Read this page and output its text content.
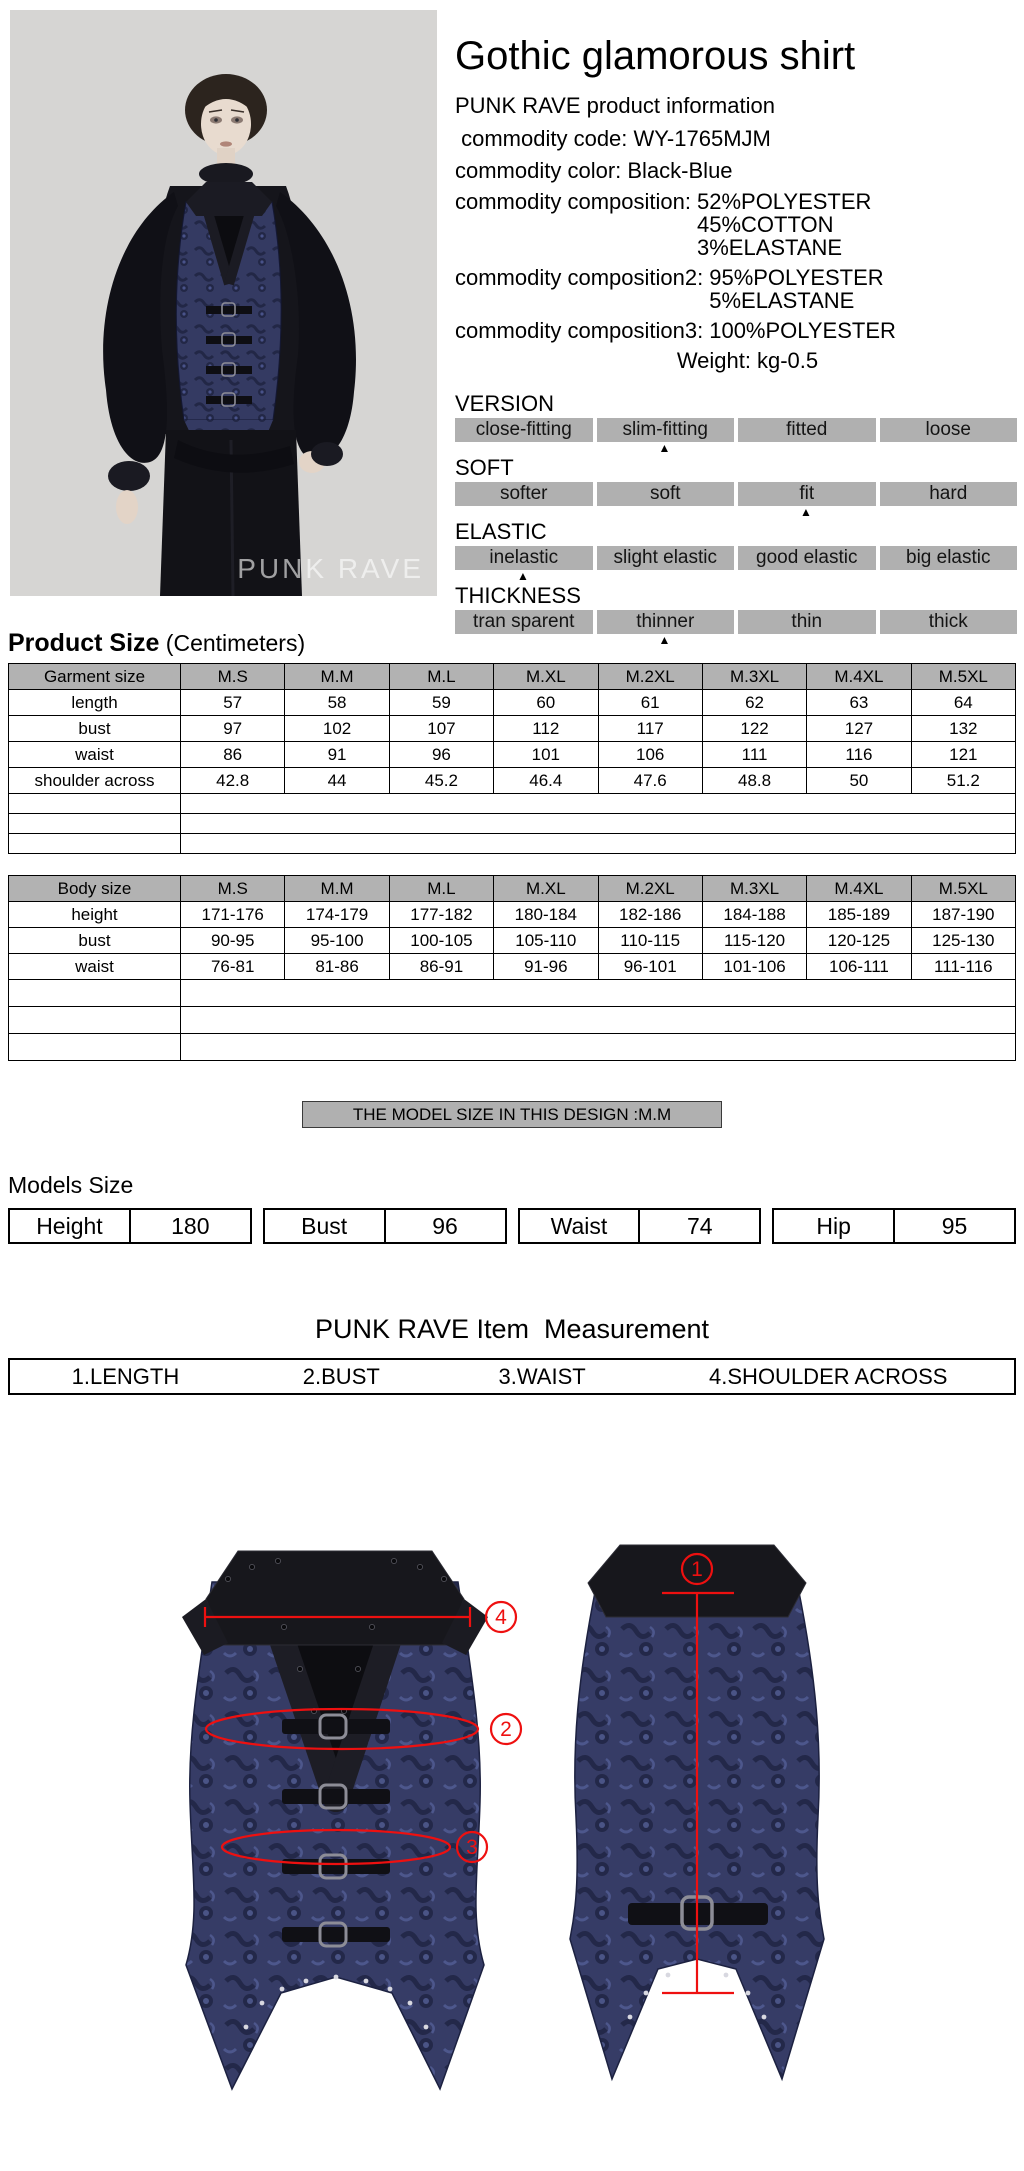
PUNK RAVE
Gothic glamorous shirt
PUNK RAVE product information
commodity code: WY-1765MJM
commodity color: Black-Blue
commodity composition: 52%POLYESTER
45%COTTON
3%ELASTANE
commodity composition2: 95%POLYESTER
5%ELASTANE
commodity composition3: 100%POLYESTER
Weight: kg-0.5
VERSION
close-fitting	slim-fitting	fitted	loose
▲
SOFT
softer	soft	fit	hard
▲
ELASTIC
inelastic	slight elastic	good elastic	big elastic
▲
THICKNESS
tran sparent	thinner	thin	thick
▲
Product Size (Centimeters)
Garment size	M.S	M.M	M.L	M.XL	M.2XL	M.3XL	M.4XL	M.5XL
length	57	58	59	60	61	62	63	64
bust	97	102	107	112	117	122	127	132
waist	86	91	96	101	106	111	116	121
shoulder across	42.8	44	45.2	46.4	47.6	48.8	50	51.2

Body size	M.S	M.M	M.L	M.XL	M.2XL	M.3XL	M.4XL	M.5XL
height	171-176	174-179	177-182	180-184	182-186	184-188	185-189	187-190
bust	90-95	95-100	100-105	105-110	110-115	115-120	120-125	125-130
waist	76-81	81-86	86-91	91-96	96-101	101-106	106-111	111-116

THE MODEL SIZE IN THIS DESIGN :M.M
Models Size
Height	180	Bust	96	Waist	74	Hip	95
PUNK RAVE Item  Measurement
1.LENGTH	2.BUST	3.WAIST	4.SHOULDER ACROSS
4
2
3
1
